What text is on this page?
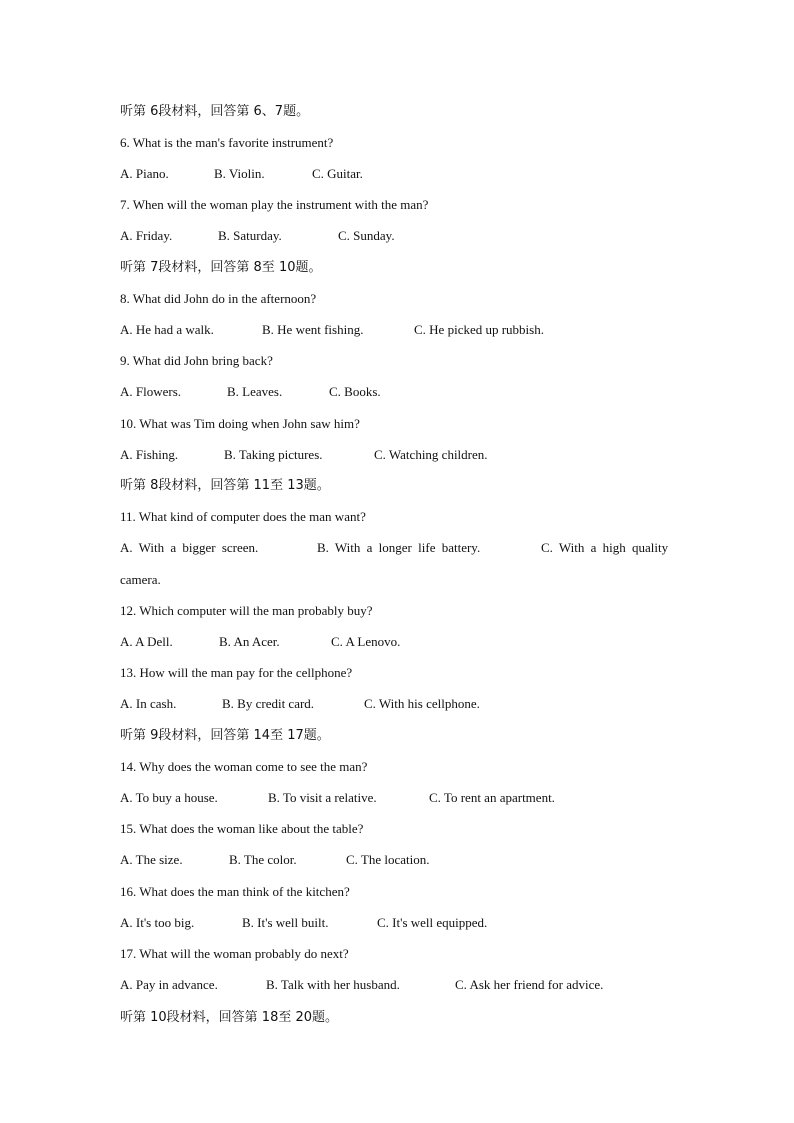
听第 6段材料，回答第 6、7题。
6. What is the man's favorite instrument?
A. Piano.	B. Violin.	C. Guitar.
7. When will the woman play the instrument with the man?
A. Friday.	B. Saturday.	C. Sunday.
听第 7段材料，回答第 8至 10题。
8. What did John do in the afternoon?
A. He had a walk.	B. He went fishing.	C. He picked up rubbish.
9. What did John bring back?
A. Flowers.	B. Leaves.	C. Books.
10. What was Tim doing when John saw him?
A. Fishing.	B. Taking pictures.	C. Watching children.
听第 8段材料，回答第 11至 13题。
11. What kind of computer does the man want?
A. With a bigger screen.	B. With a longer life battery.	C. With a high quality
camera.
12. Which computer will the man probably buy?
A. A Dell.	B. An Acer.	C. A Lenovo.
13. How will the man pay for the cellphone?
A. In cash.	B. By credit card.	C. With his cellphone.
听第 9段材料，回答第 14至 17题。
14. Why does the woman come to see the man?
A. To buy a house.	B. To visit a relative.	C. To rent an apartment.
15. What does the woman like about the table?
A. The size.	B. The color.	C. The location.
16. What does the man think of the kitchen?
A. It's too big.	B. It's well built.	C. It's well equipped.
17. What will the woman probably do next?
A. Pay in advance.	B. Talk with her husband.	C. Ask her friend for advice.
听第 10段材料，回答第 18至 20题。
